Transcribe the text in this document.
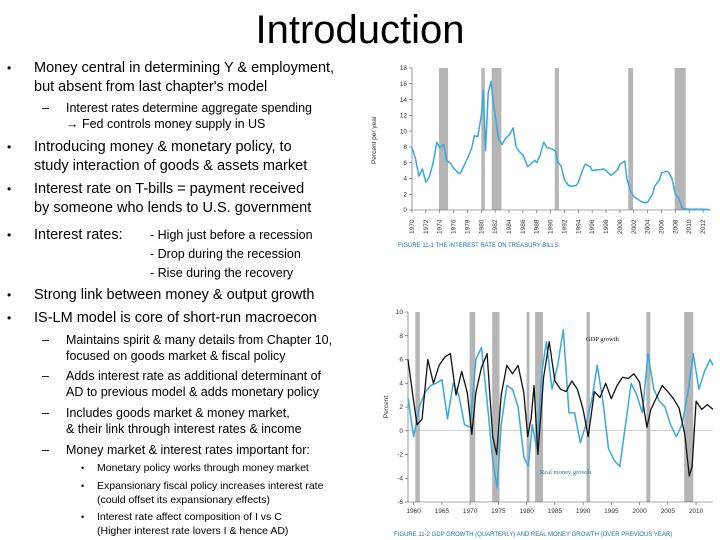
Introduction
• Money central in determining Y & employment,
but absent from last chapter's model
– Interest rates determine aggregate spending
→ Fed controls money supply in US
• Introducing money & monetary policy, to
study interaction of goods & assets market
• Interest rate on T-bills = payment received
by someone who lends to U.S. government
• Interest rates: - High just before a recession
- Drop during the recession
- Rise during the recovery
• Strong link between money & output growth
• IS-LM model is core of short-run macroecon
– Maintains spirit & many details from Chapter 10,
focused on goods market & fiscal policy
– Adds interest rate as additional determinant of
AD to previous model & adds monetary policy
– Includes goods market & money market,
& their link through interest rates & income
– Money market & interest rates important for:
• Monetary policy works through money market
• Expansionary fiscal policy increases interest rate
(could offset its expansionary effects)
• Interest rate affect composition of I vs C
(Higher interest rate lovers I & hence AD)
0
2
4
6
8
10
12
14
16
18
1970 1972 1974 1976 1978 1980 1982 1984 1986 1988 1990 1992 1994 1996 1998 2000 2002 2004 2006 2008 2010 2012
Percent per year
FIGURE 11-1 THE INTEREST RATE ON TREASURY BILLS.
-6
-4
-2
0
2
4
6
8
10
1960 1965 1970 1975 1980 1985 1990 1995 2000 2005 2010
Percent
GDP growth
Real money growth
FIGURE 11-2 GDP GROWTH (QUARTERLY) AND REAL MONEY GROWTH (OVER PREVIOUS YEAR)
